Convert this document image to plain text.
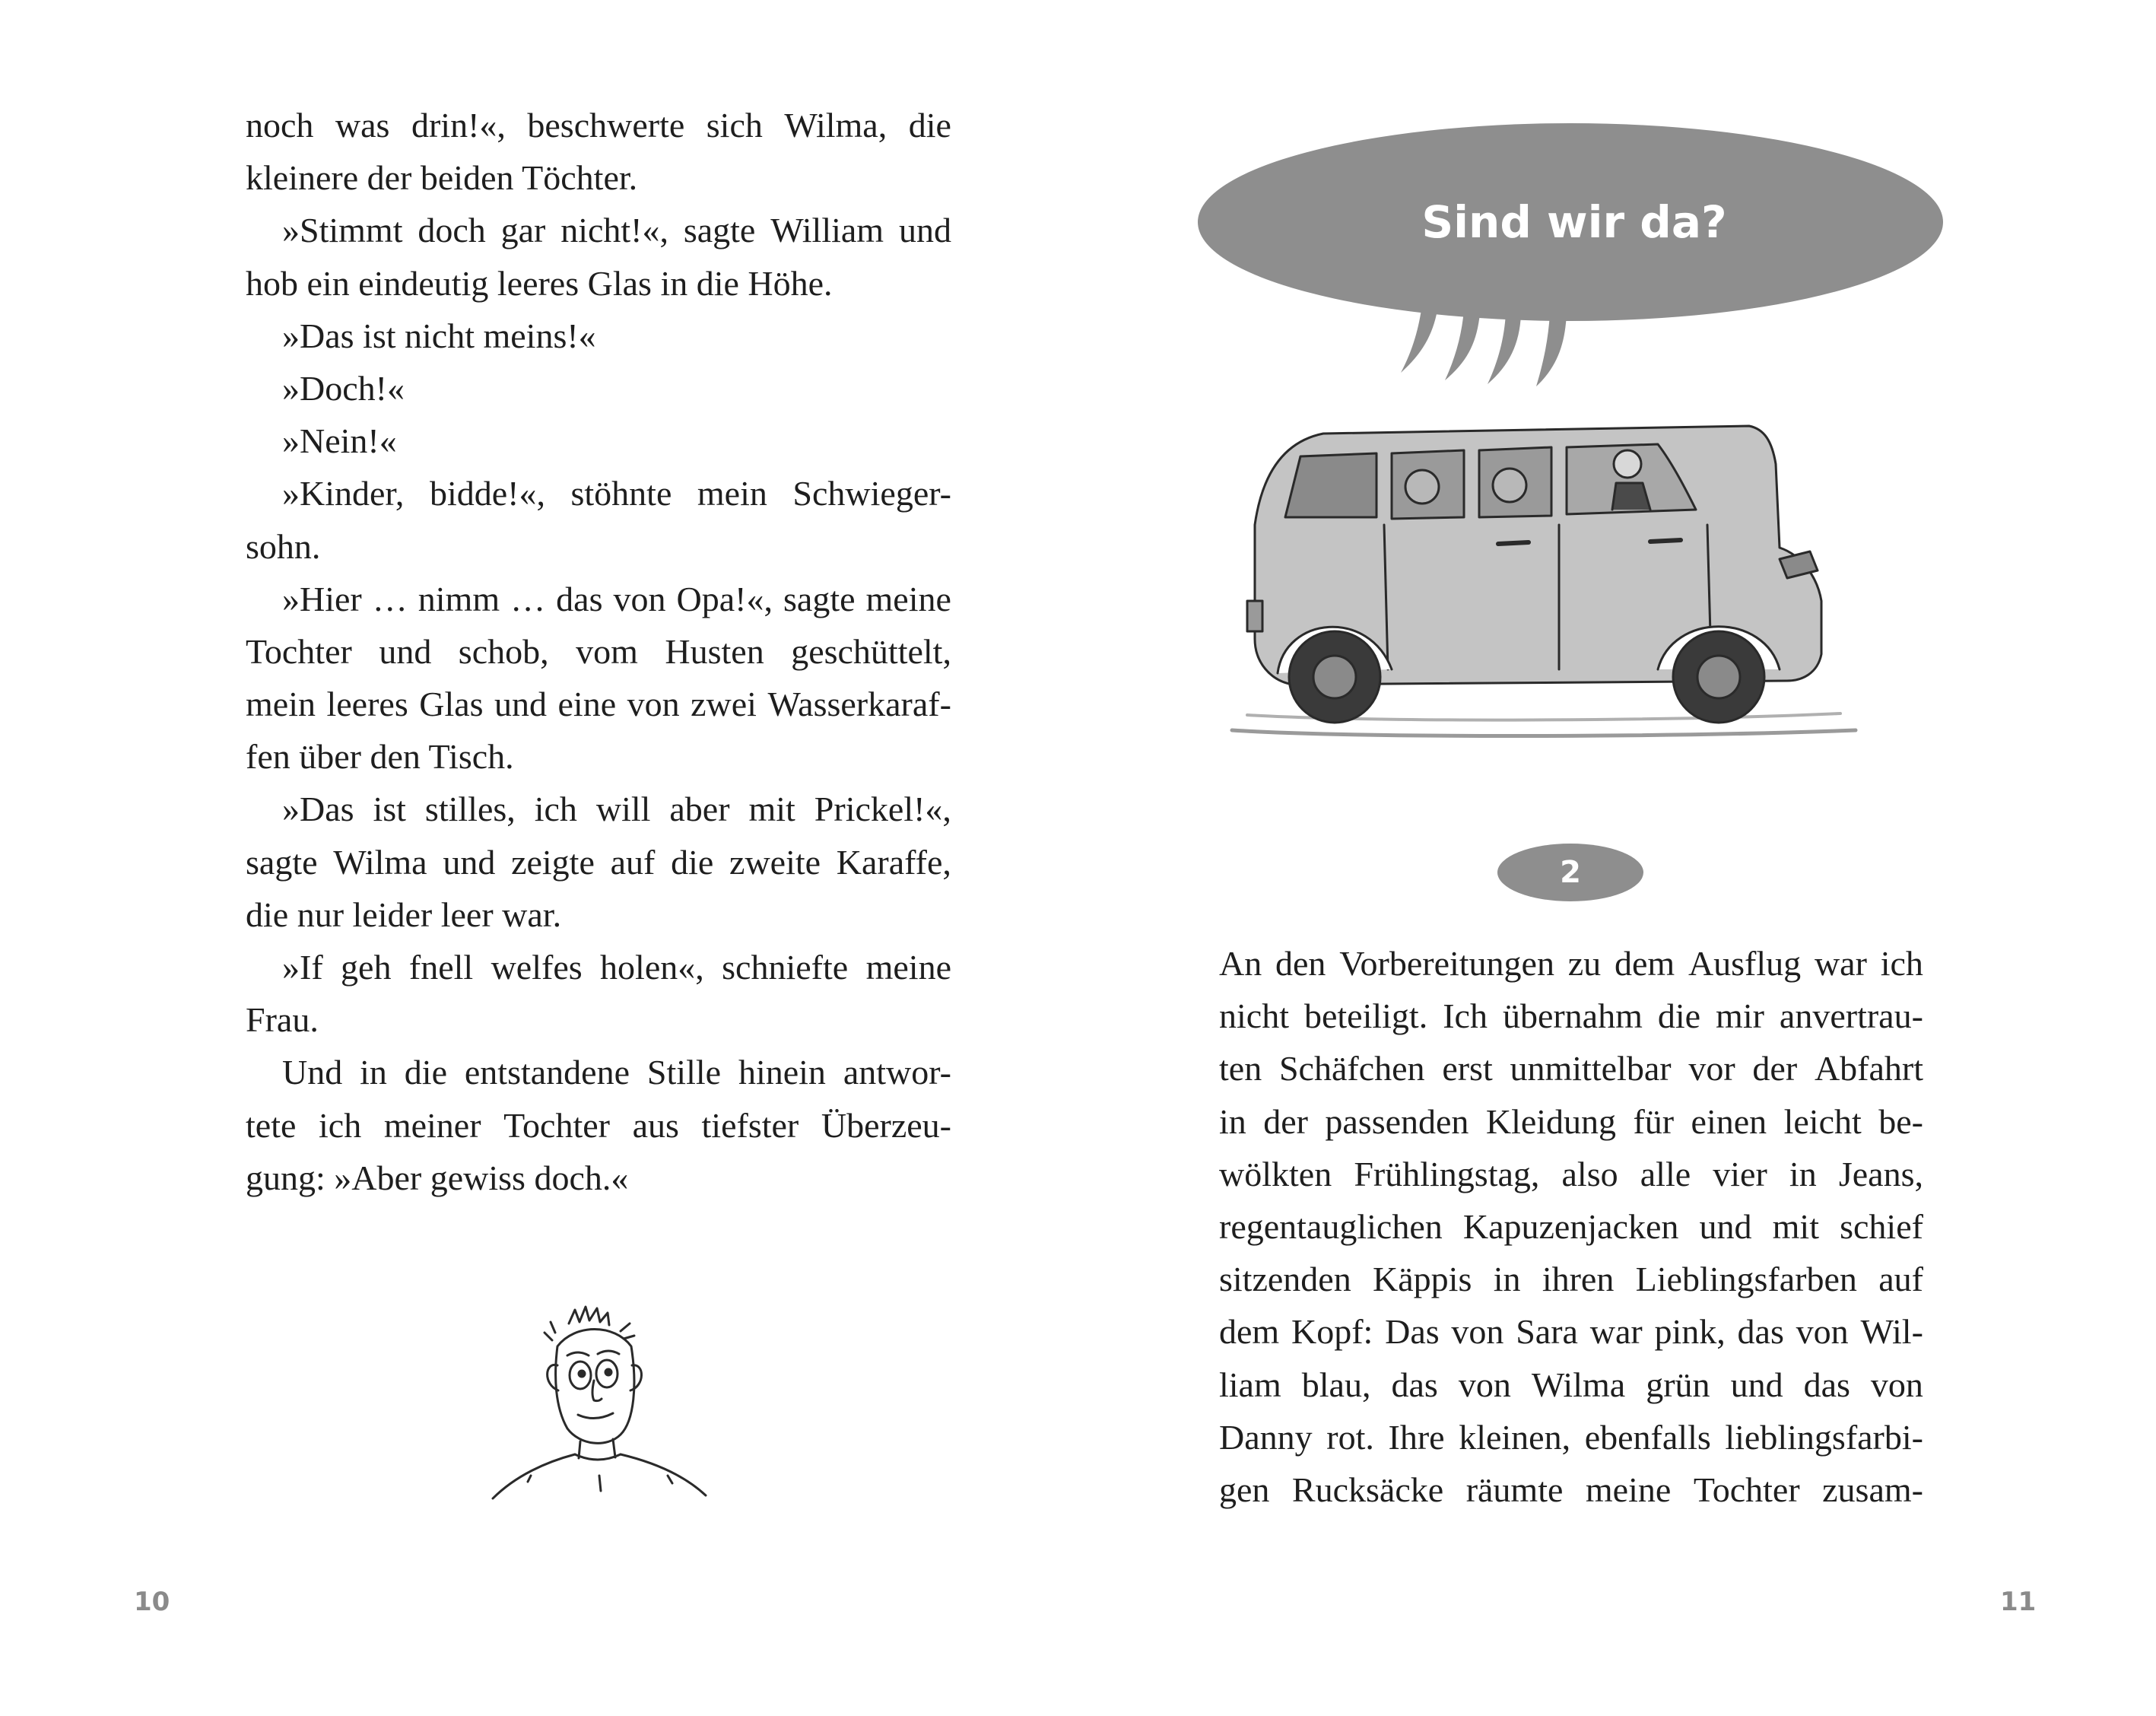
noch was drin!«, beschwerte sich Wilma, die
kleinere der beiden Töchter.
»Stimmt doch gar nicht!«, sagte William und
hob ein eindeutig leeres Glas in die Höhe.
»Das ist nicht meins!«
»Doch!«
»Nein!«
»Kinder, bidde!«, stöhnte mein Schwieger-
sohn.
»Hier … nimm … das von Opa!«, sagte meine
Tochter und schob, vom Husten geschüttelt,
mein leeres Glas und eine von zwei Wasserkaraf-
fen über den Tisch.
»Das ist stilles, ich will aber mit Prickel!«,
sagte Wilma und zeigte auf die zweite Karaffe,
die nur leider leer war.
»If geh fnell welfes holen«, schniefte meine
Frau.
Und in die entstandene Stille hinein antwor-
tete ich meiner Tochter aus tiefster Überzeu-
gung: »Aber gewiss doch.«
10
Sind wir da?
2
An den Vorbereitungen zu dem Ausflug war ich
nicht beteiligt. Ich übernahm die mir anvertrau-
ten Schäfchen erst unmittelbar vor der Abfahrt
in der passenden Kleidung für einen leicht be-
wölkten Frühlingstag, also alle vier in Jeans,
regentauglichen Kapuzenjacken und mit schief
sitzenden Käppis in ihren Lieblingsfarben auf
dem Kopf: Das von Sara war pink, das von Wil-
liam blau, das von Wilma grün und das von
Danny rot. Ihre kleinen, ebenfalls lieblingsfarbi-
gen Rucksäcke räumte meine Tochter zusam-
11
